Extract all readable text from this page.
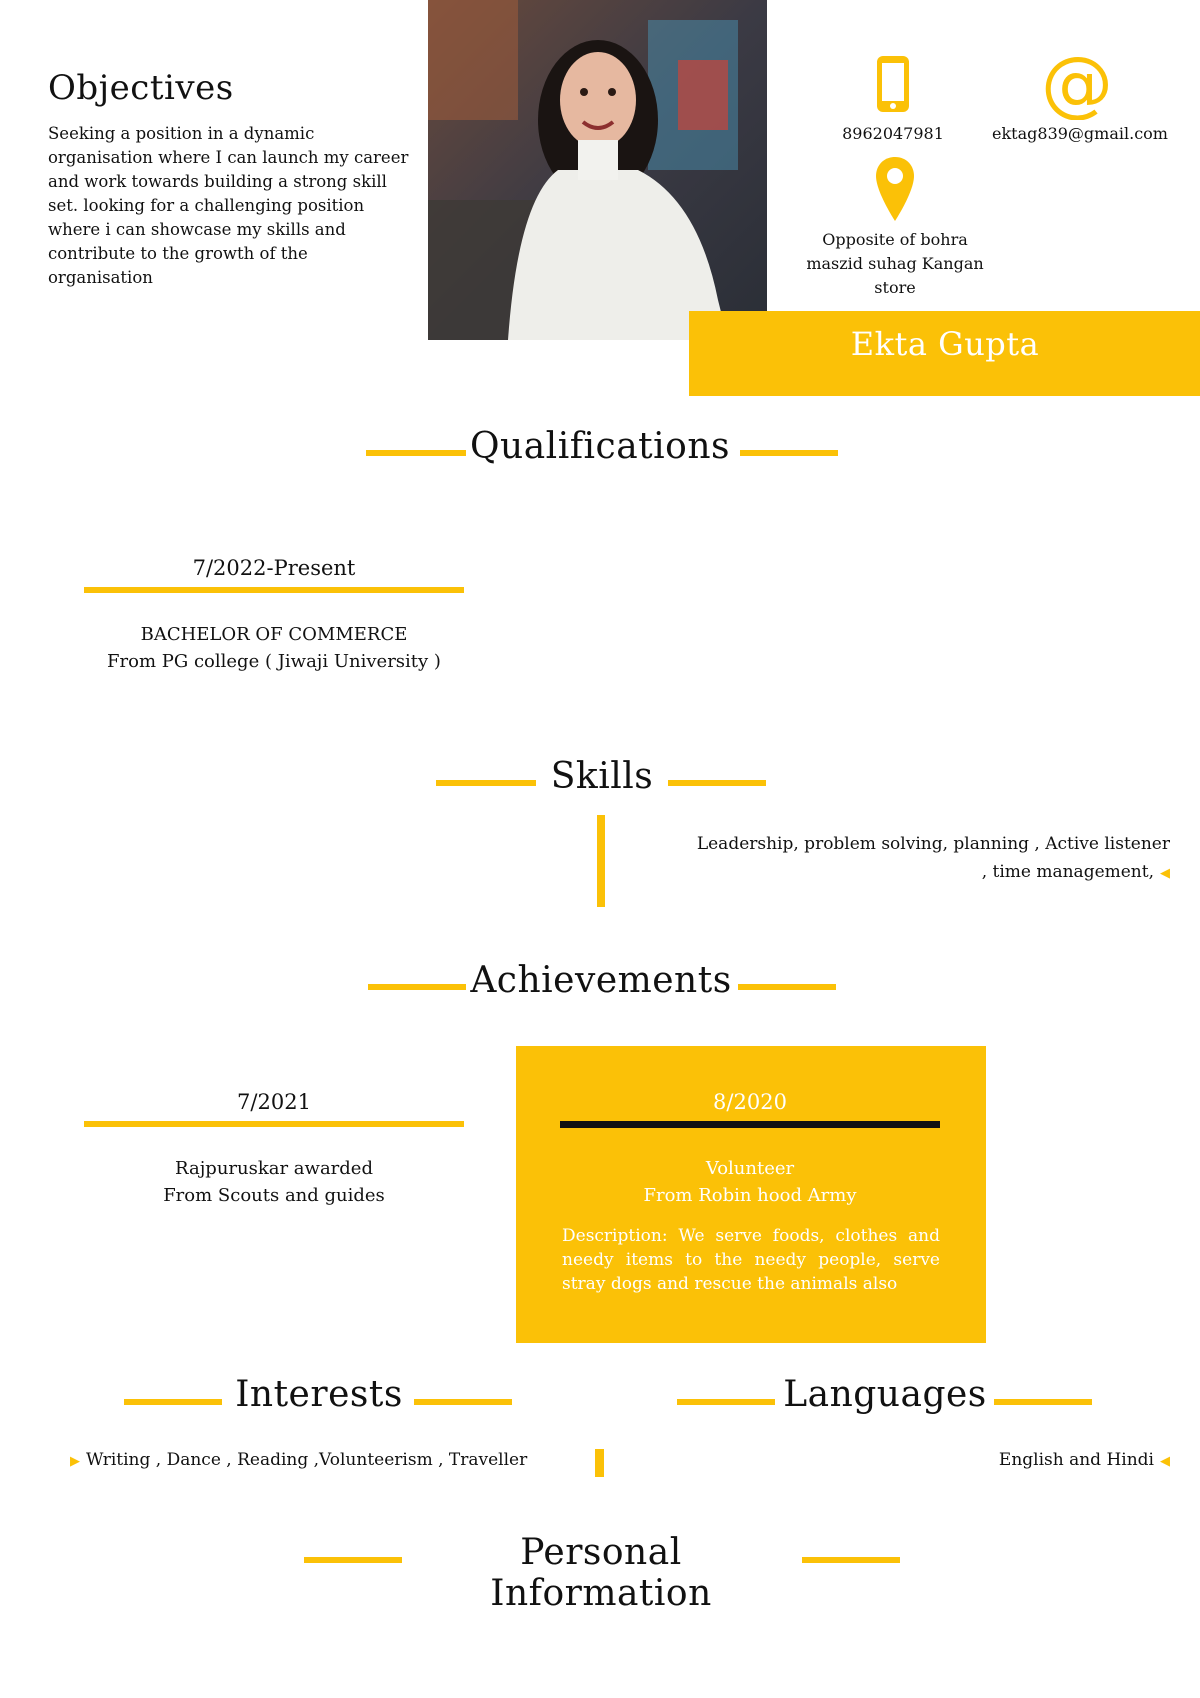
Objectives
Seeking a position in a dynamic organisation where I can launch my career and work towards building a strong skill set. looking for a challenging position where i can showcase my skills and contribute to the growth of the organisation
8962047981
@
ektag839@gmail.com
Opposite of bohra maszid suhag Kangan store
Ekta Gupta
Qualifications
7/2022-Present
BACHELOR OF COMMERCE
From PG college ( Jiwaji University )
Skills
Leadership, problem solving, planning , Active listener , time management, ◀
Achievements
7/2021
Rajpuruskar awarded
From Scouts and guides
8/2020
Volunteer
From Robin hood Army
Description: We serve foods, clothes and needy items to the needy people, serve stray dogs and rescue the animals also
Interests
▶ Writing , Dance , Reading ,Volunteerism , Traveller
Languages
English and Hindi ◀
Personal Information
